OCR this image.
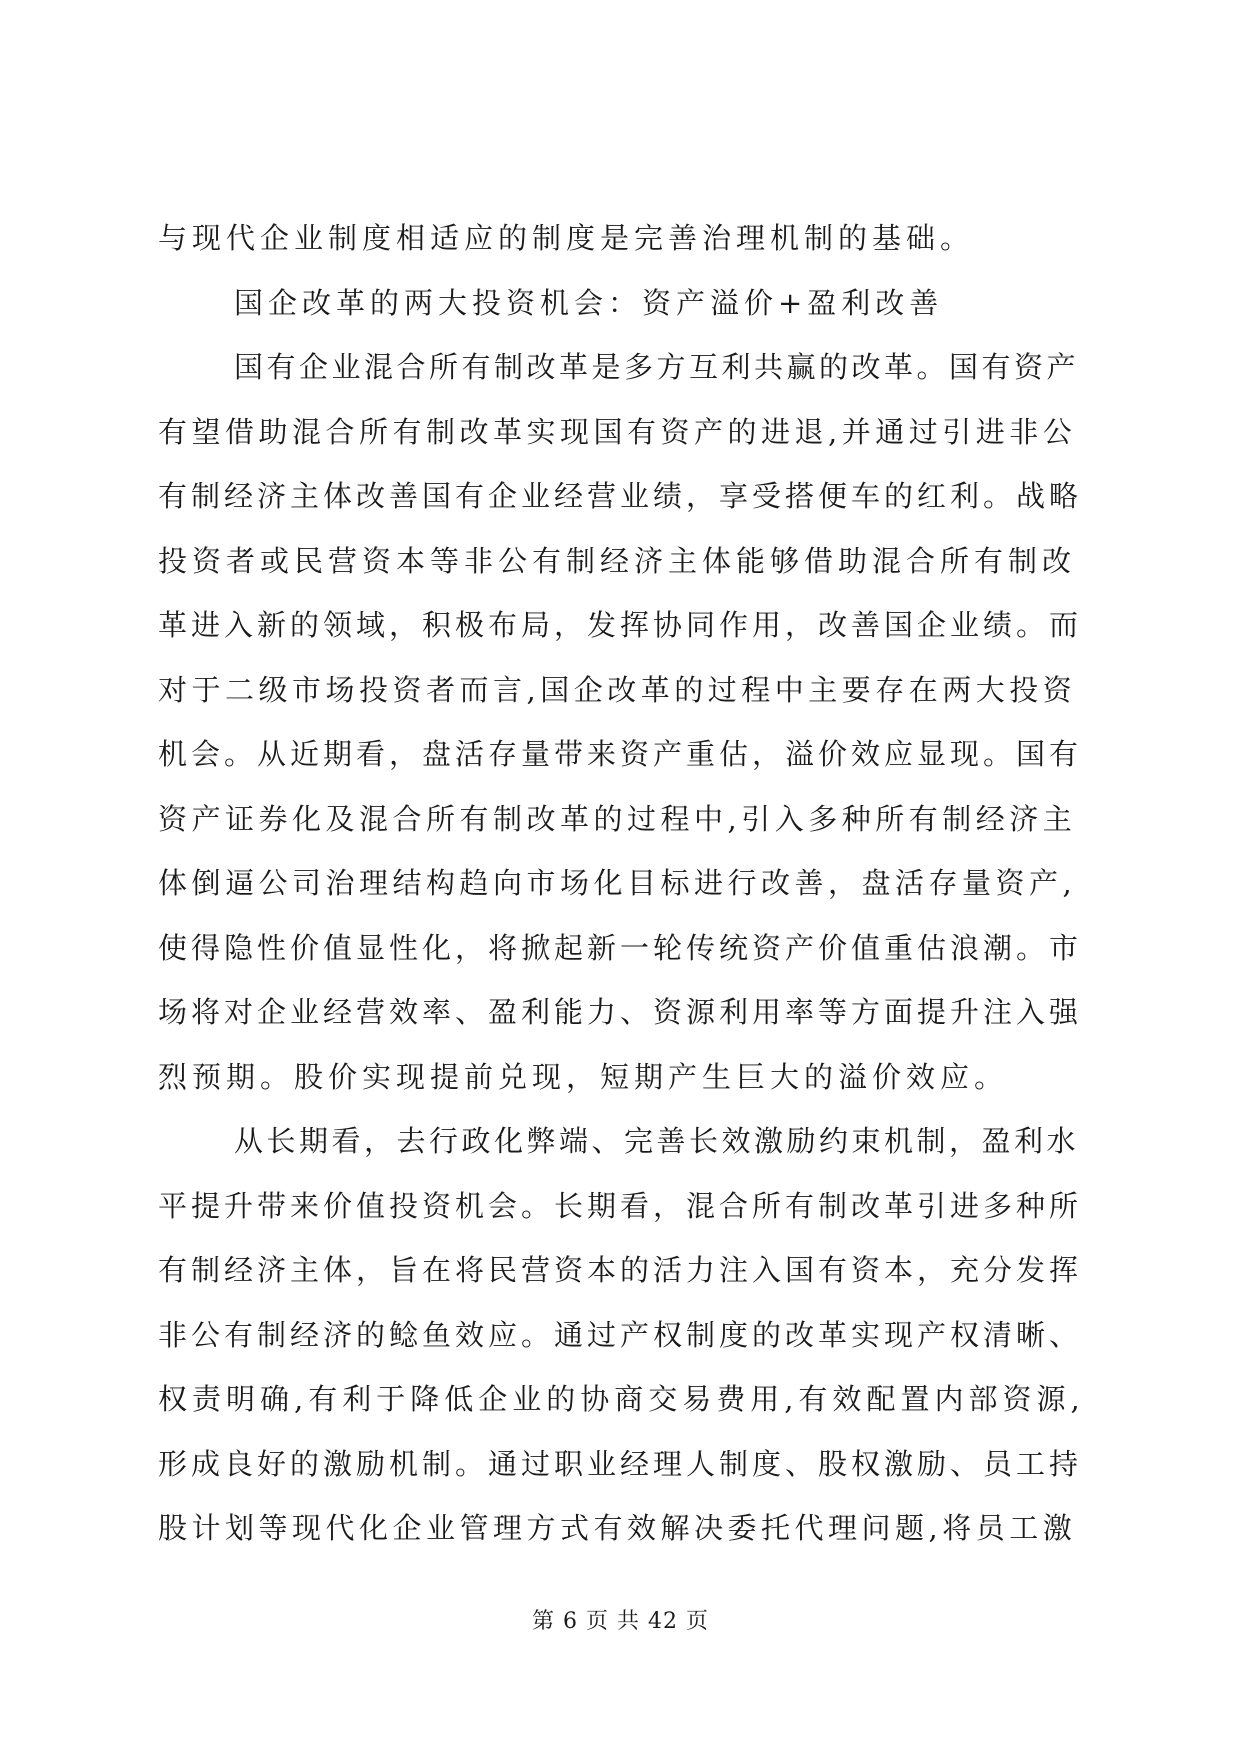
与现代企业制度相适应的制度是完善治理机制的基础。
国企改革的两大投资机会：资产溢价+盈利改善
国有企业混合所有制改革是多方互利共赢的改革。国有资产
有望借助混合所有制改革实现国有资产的进退,并通过引进非公
有制经济主体改善国有企业经营业绩，享受搭便车的红利。战略
投资者或民营资本等非公有制经济主体能够借助混合所有制改
革进入新的领域，积极布局，发挥协同作用，改善国企业绩。而
对于二级市场投资者而言,国企改革的过程中主要存在两大投资
机会。从近期看，盘活存量带来资产重估，溢价效应显现。国有
资产证券化及混合所有制改革的过程中,引入多种所有制经济主
体倒逼公司治理结构趋向市场化目标进行改善，盘活存量资产,
使得隐性价值显性化，将掀起新一轮传统资产价值重估浪潮。市
场将对企业经营效率、盈利能力、资源利用率等方面提升注入强
烈预期。股价实现提前兑现，短期产生巨大的溢价效应。
从长期看，去行政化弊端、完善长效激励约束机制，盈利水
平提升带来价值投资机会。长期看，混合所有制改革引进多种所
有制经济主体，旨在将民营资本的活力注入国有资本，充分发挥
非公有制经济的鲶鱼效应。通过产权制度的改革实现产权清晰、
权责明确,有利于降低企业的协商交易费用,有效配置内部资源,
形成良好的激励机制。通过职业经理人制度、股权激励、员工持
股计划等现代化企业管理方式有效解决委托代理问题,将员工激
第 6 页 共 42 页
